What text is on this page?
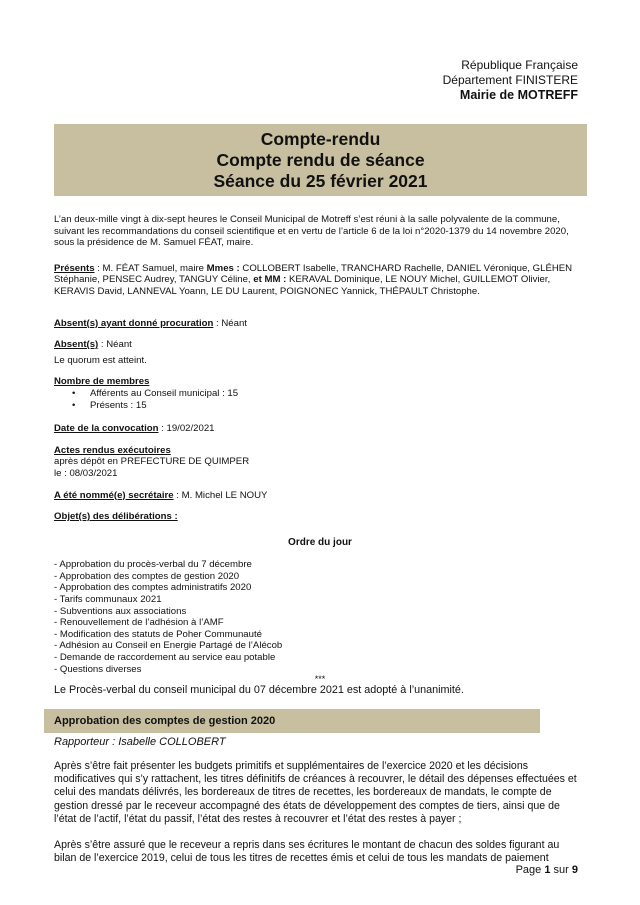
République Française
Département FINISTERE
Mairie de MOTREFF
Compte-rendu
Compte rendu de séance
Séance du 25 février 2021

L’an deux-mille vingt à dix-sept heures le Conseil Municipal de Motreff s’est réuni à la salle polyvalente de la commune, suivant les recommandations du conseil scientifique et en vertu de l’article 6 de la loi n°2020-1379 du 14 novembre 2020, sous la présidence de M. Samuel FÉAT, maire.

Présents : M. FÉAT Samuel, maire Mmes : COLLOBERT Isabelle, TRANCHARD Rachelle, DANIEL Véronique, GLÉHEN Stéphanie, PENSEC Audrey, TANGUY Céline, et MM : KERAVAL Dominique, LE NOUY Michel, GUILLEMOT Olivier, KERAVIS David, LANNEVAL Yoann, LE DU Laurent, POIGNONEC Yannick, THÉPAULT Christophe.

Absent(s) ayant donné procuration : Néant

Absent(s) : Néant

Le quorum est atteint.

Nombre de membres

• Afférents au Conseil municipal : 15
• Présents : 15

Date de la convocation : 19/02/2021

Actes rendus exécutoires

après dépôt en PREFECTURE DE QUIMPER

le : 08/03/2021

A été nommé(e) secrétaire : M. Michel LE NOUY

Objet(s) des délibérations :

Ordre du jour

- Approbation du procès-verbal du 7 décembre

- Approbation des comptes de gestion 2020

- Approbation des comptes administratifs 2020

- Tarifs communaux 2021

- Subventions aux associations

- Renouvellement de l’adhésion à l’AMF

- Modification des statuts de Poher Communauté

- Adhésion au Conseil en Energie Partagé de l’Alécob

- Demande de raccordement au service eau potable

- Questions diverses

***

Le Procès-verbal du conseil municipal du 07 décembre 2021 est adopté à l’unanimité.

Approbation des comptes de gestion 2020
Rapporteur : Isabelle COLLOBERT

Après s’être fait présenter les budgets primitifs et supplémentaires de l’exercice 2020 et les décisions modificatives qui s’y rattachent, les titres définitifs de créances à recouvrer, le détail des dépenses effectuées et celui des mandats délivrés, les bordereaux de titres de recettes, les bordereaux de mandats, le compte de gestion dressé par le receveur accompagné des états de développement des comptes de tiers, ainsi que de l’état de l’actif, l’état du passif, l’état des restes à recouvrer et l’état des restes à payer ;

Après s’être assuré que le receveur a repris dans ses écritures le montant de chacun des soldes figurant au bilan de l’exercice 2019, celui de tous les titres de recettes émis et celui de tous les mandats de paiement

Page 1 sur 9
